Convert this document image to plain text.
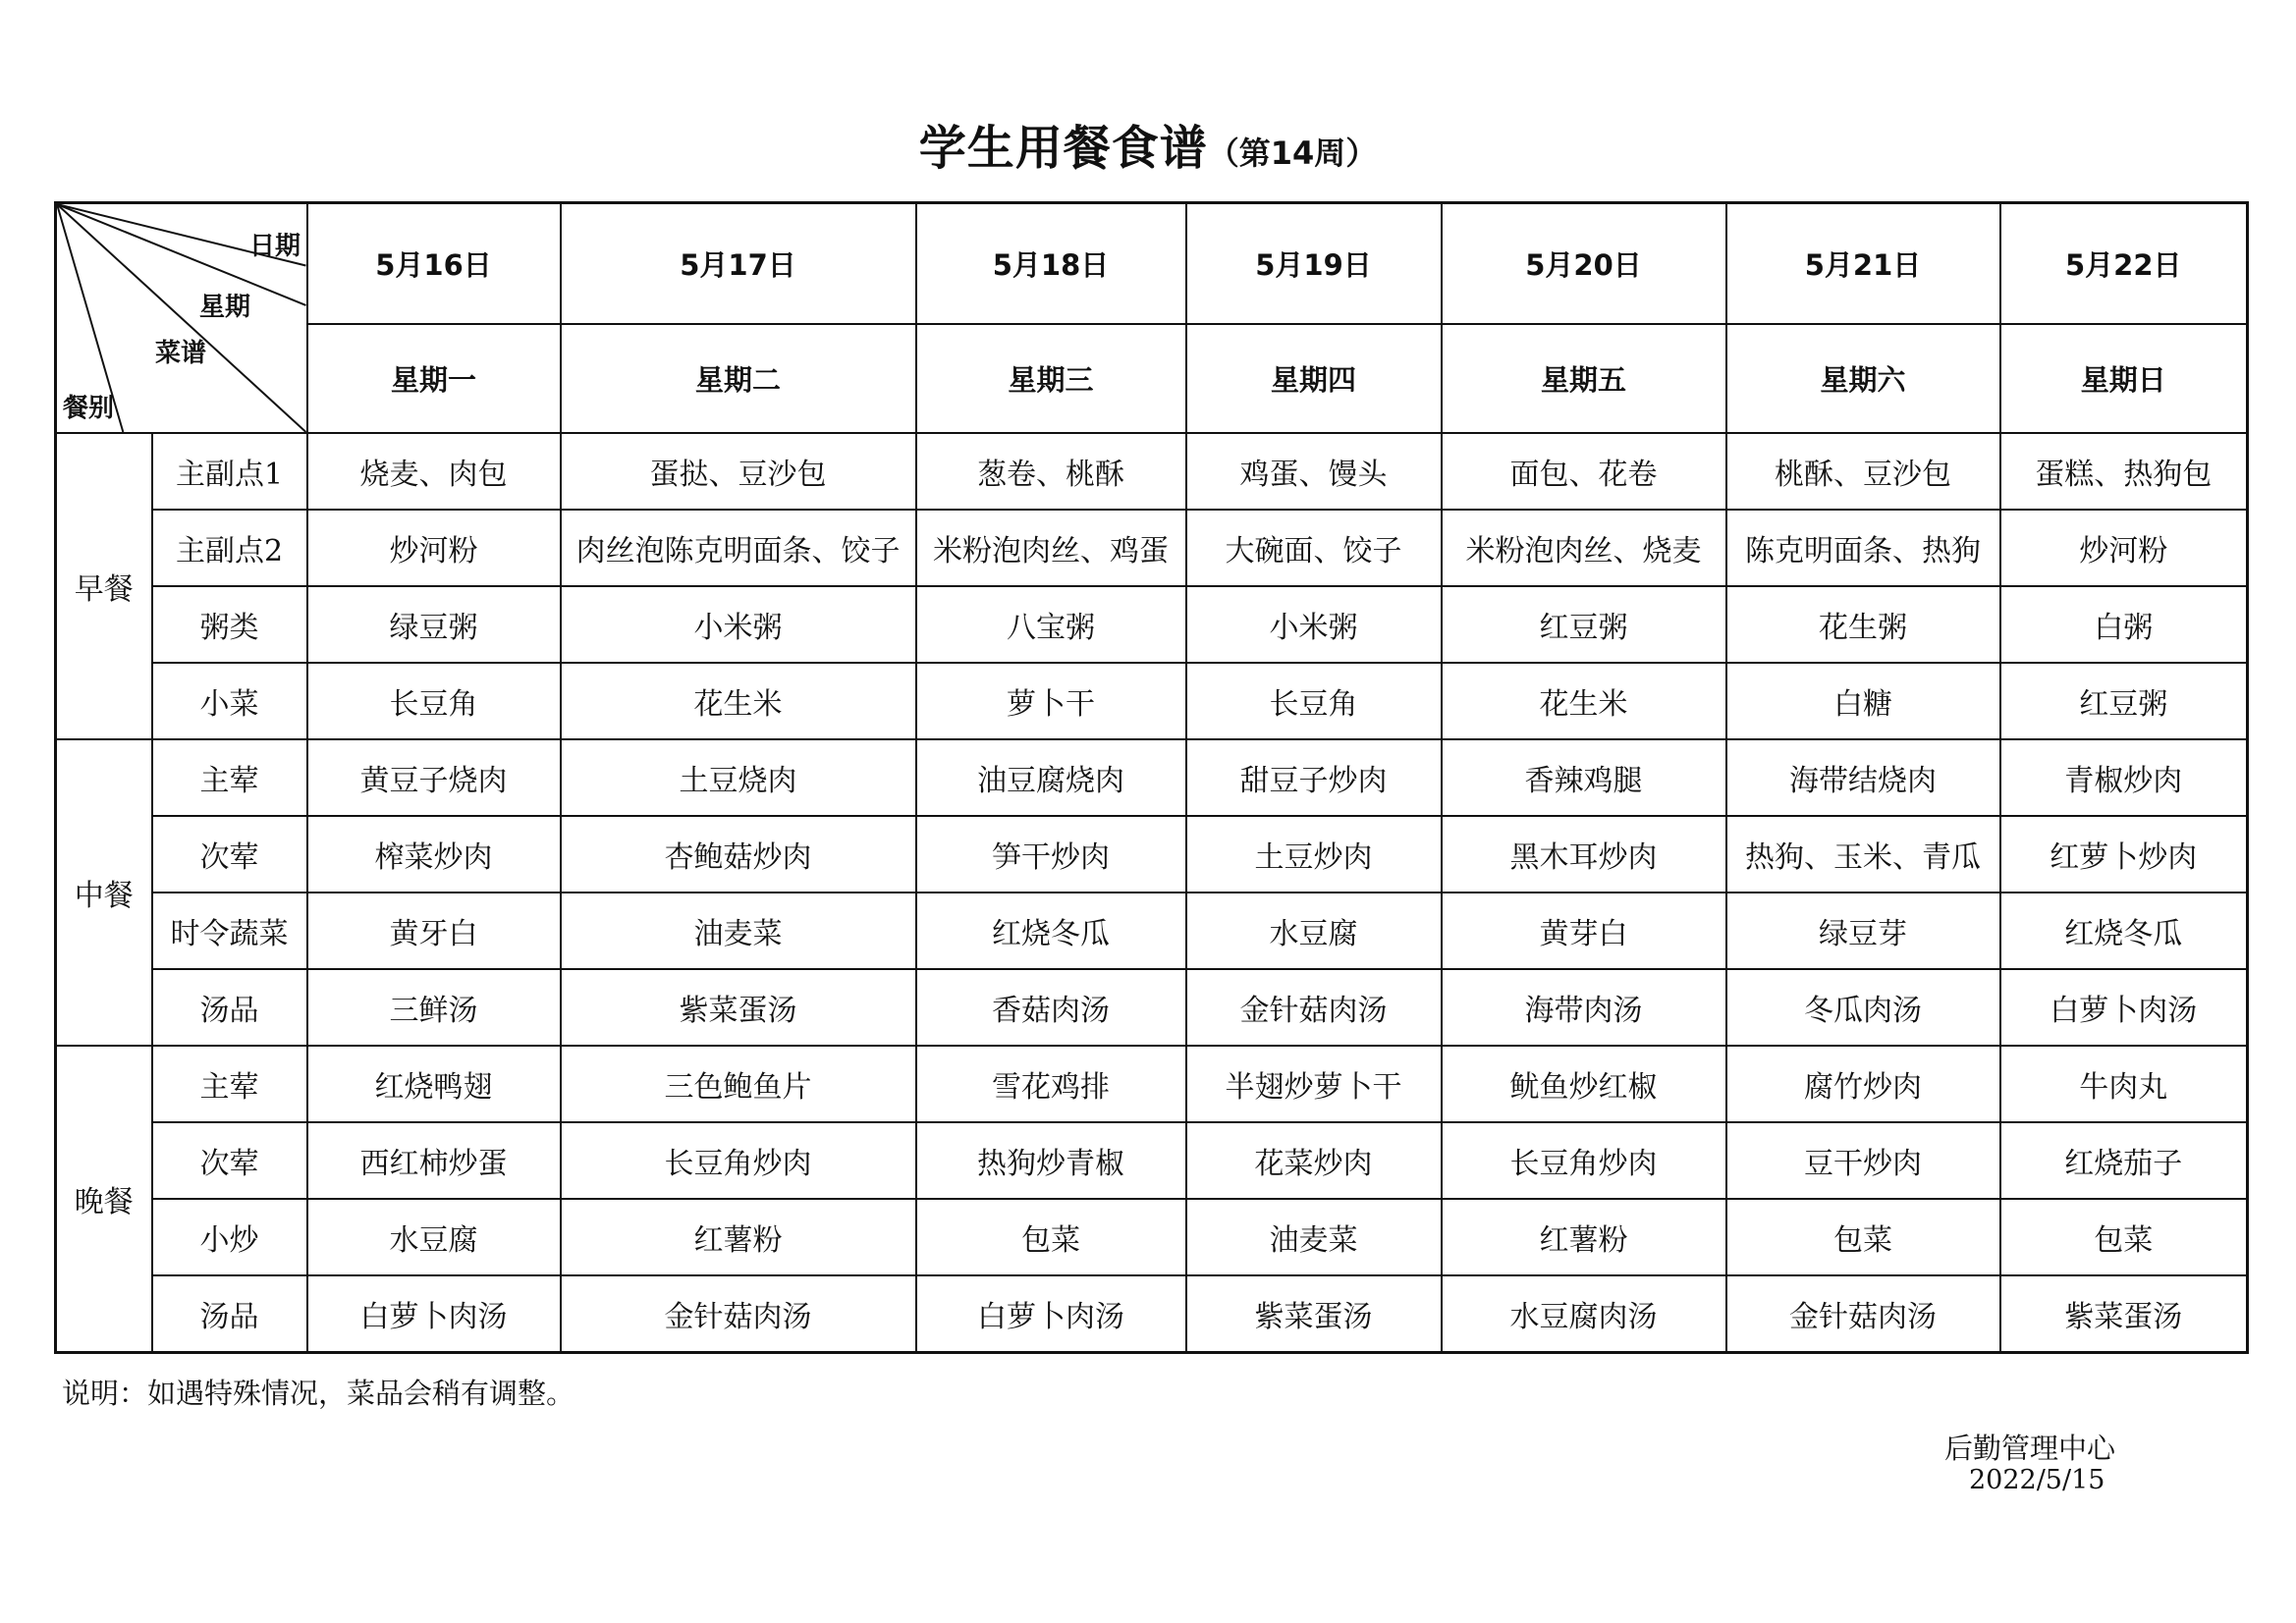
学生用餐食谱（第14周）
日期
星期
菜谱
餐别		5月16日	5月17日	5月18日	5月19日	5月20日	5月21日	5月22日
		星期一	星期二	星期三	星期四	星期五	星期六	星期日
早餐	主副点1	烧麦、肉包	蛋挞、豆沙包	葱卷、桃酥	鸡蛋、馒头	面包、花卷	桃酥、豆沙包	蛋糕、热狗包
	主副点2	炒河粉	肉丝泡陈克明面条、饺子	米粉泡肉丝、鸡蛋	大碗面、饺子	米粉泡肉丝、烧麦	陈克明面条、热狗	炒河粉
	粥类	绿豆粥	小米粥	八宝粥	小米粥	红豆粥	花生粥	白粥
	小菜	长豆角	花生米	萝卜干	长豆角	花生米	白糖	红豆粥
中餐	主荤	黄豆子烧肉	土豆烧肉	油豆腐烧肉	甜豆子炒肉	香辣鸡腿	海带结烧肉	青椒炒肉
	次荤	榨菜炒肉	杏鲍菇炒肉	笋干炒肉	土豆炒肉	黑木耳炒肉	热狗、玉米、青瓜	红萝卜炒肉
	时令蔬菜	黄牙白	油麦菜	红烧冬瓜	水豆腐	黄芽白	绿豆芽	红烧冬瓜
	汤品	三鲜汤	紫菜蛋汤	香菇肉汤	金针菇肉汤	海带肉汤	冬瓜肉汤	白萝卜肉汤
晚餐	主荤	红烧鸭翅	三色鲍鱼片	雪花鸡排	半翅炒萝卜干	鱿鱼炒红椒	腐竹炒肉	牛肉丸
	次荤	西红柿炒蛋	长豆角炒肉	热狗炒青椒	花菜炒肉	长豆角炒肉	豆干炒肉	红烧茄子
	小炒	水豆腐	红薯粉	包菜	油麦菜	红薯粉	包菜	包菜
	汤品	白萝卜肉汤	金针菇肉汤	白萝卜肉汤	紫菜蛋汤	水豆腐肉汤	金针菇肉汤	紫菜蛋汤
说明：如遇特殊情况，菜品会稍有调整。
后勤管理中心
2022/5/15
